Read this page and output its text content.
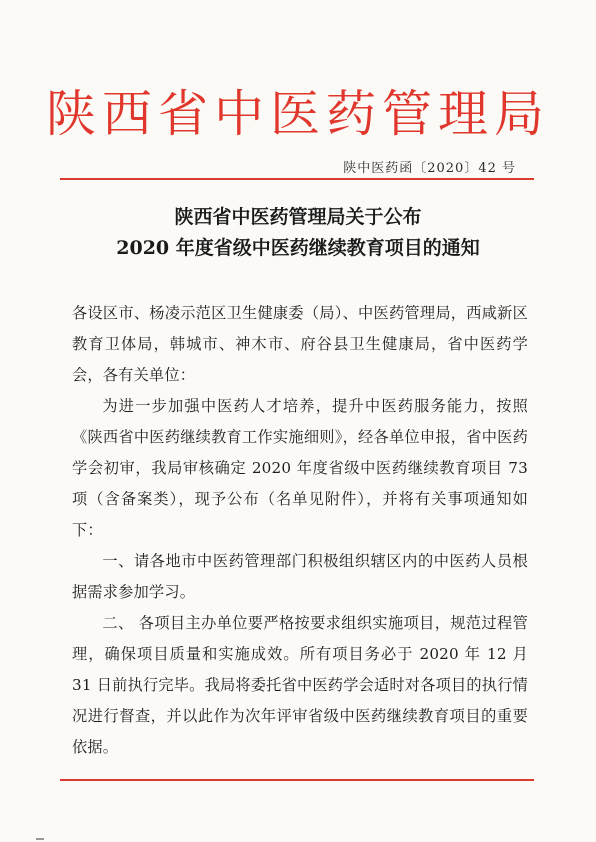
陕西省中医药管理局
陕中医药函〔2020〕42 号
陕西省中医药管理局关于公布
2020 年度省级中医药继续教育项目的通知

各设区市、杨凌示范区卫生健康委（局）、中医药管理局，西咸新区教育卫体局，韩城市、神木市、府谷县卫生健康局，省中医药学会，各有关单位：

为进一步加强中医药人才培养，提升中医药服务能力，按照《陕西省中医药继续教育工作实施细则》，经各单位申报，省中医药学会初审，我局审核确定 2020 年度省级中医药继续教育项目 73 项（含备案类），现予公布（名单见附件），并将有关事项通知如下：

一、请各地市中医药管理部门积极组织辖区内的中医药人员根据需求参加学习。

二、 各项目主办单位要严格按要求组织实施项目，规范过程管理，确保项目质量和实施成效。所有项目务必于 2020 年 12 月 31 日前执行完毕。我局将委托省中医药学会适时对各项目的执行情况进行督查，并以此作为次年评审省级中医药继续教育项目的重要依据。
